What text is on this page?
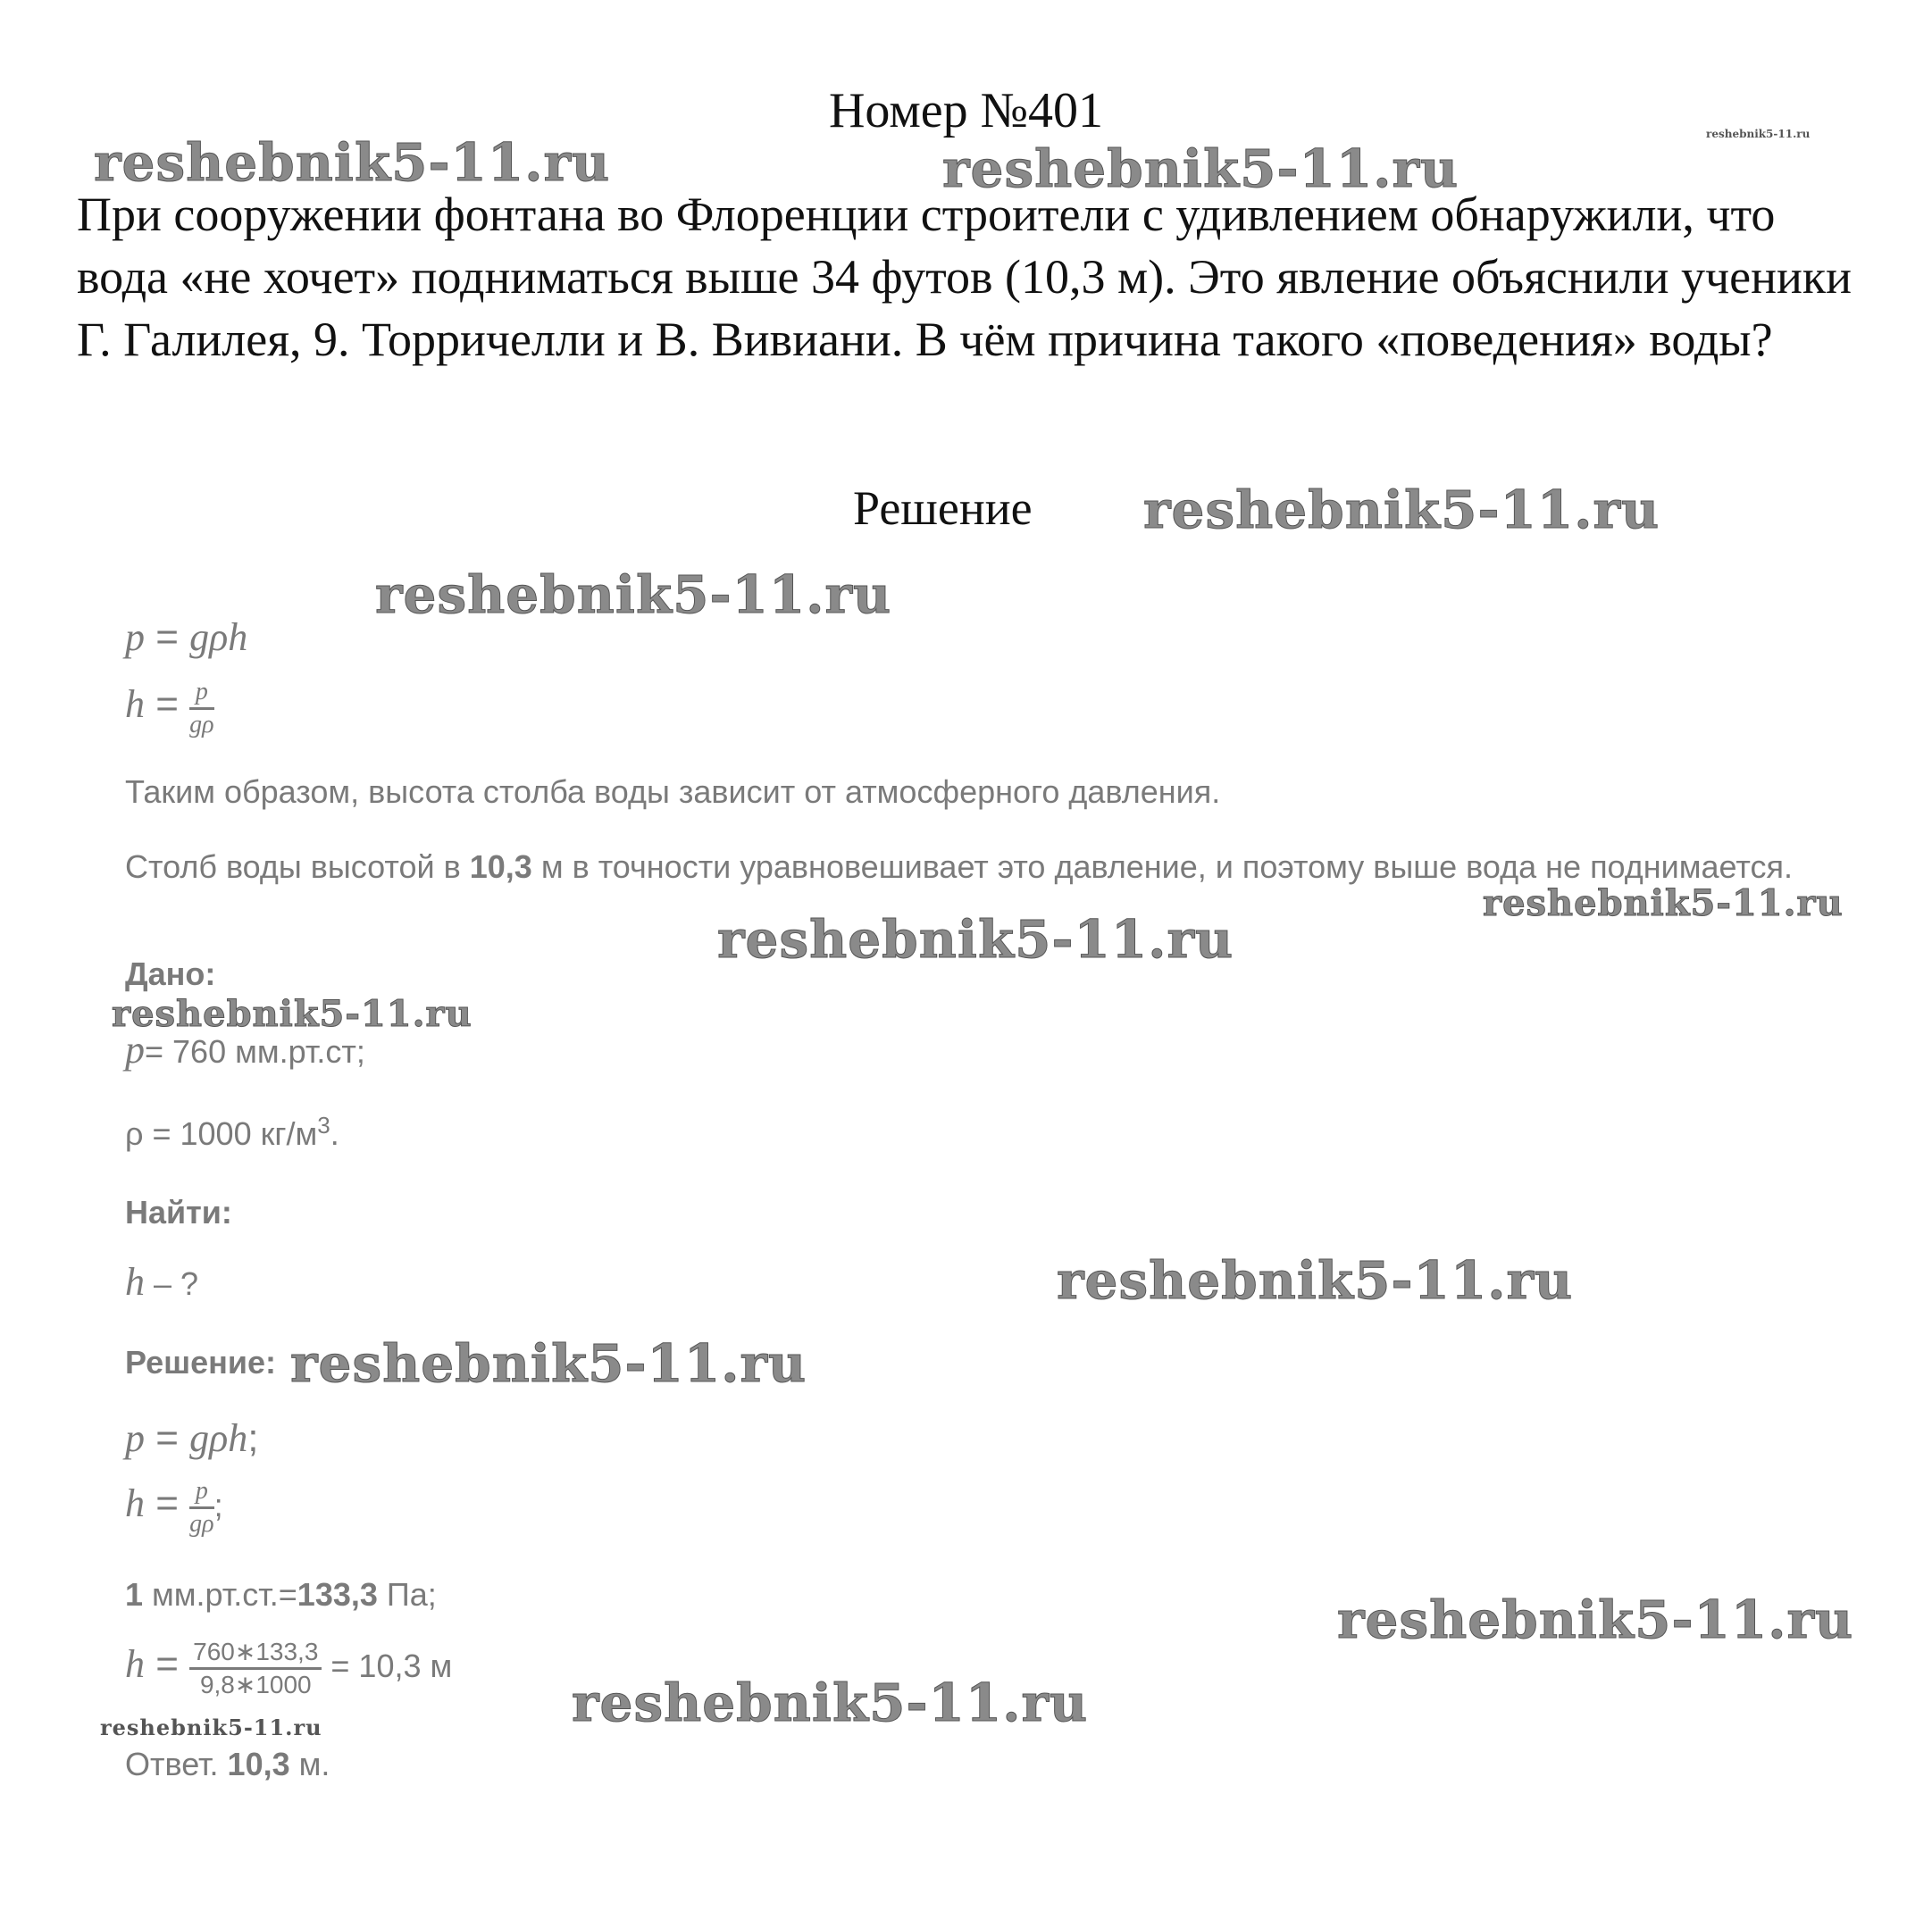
Номер №401
При сооружении фонтана во Флоренции строители с удивлением обнаружили, что вода «не хочет» подниматься выше 34 футов (10,3 м). Это явление объяснили ученики Г. Галилея, 9. Торричелли и В. Вивиани. В чём причина такого «поведения» воды?
Решение
p = gρh
$h = \frac{p}{g\rho}$
Таким образом, высота столба воды зависит от атмосферного давления.
Столб воды высотой в 10,3 м в точности уравновешивает это давление, и поэтому выше вода не поднимается.
Дано:
p= 760 мм.рт.ст;
ρ = 1000 $кг/м^3$.
Найти:
h – ?
Решение:
p = gρh;
$h = \frac{p}{g\rho}$ ;
1 мм.рт.ст.=133,3 Па;
$h = \frac{760∗133,3}{9,8∗1000} = 10,3$ м
Ответ. 10,3 м.
reshebnik5-11.ru	reshebnik5-11.ru
reshebnik5-11.ru
reshebnik5-11.ru
reshebnik5-11.ru
reshebnik5-11.ru
reshebnik5-11.ru
reshebnik5-11.ru
reshebnik5-11.ru
reshebnik5-11.ru
reshebnik5-11.ru
reshebnik5-11.ru
reshebnik5-11.ru
